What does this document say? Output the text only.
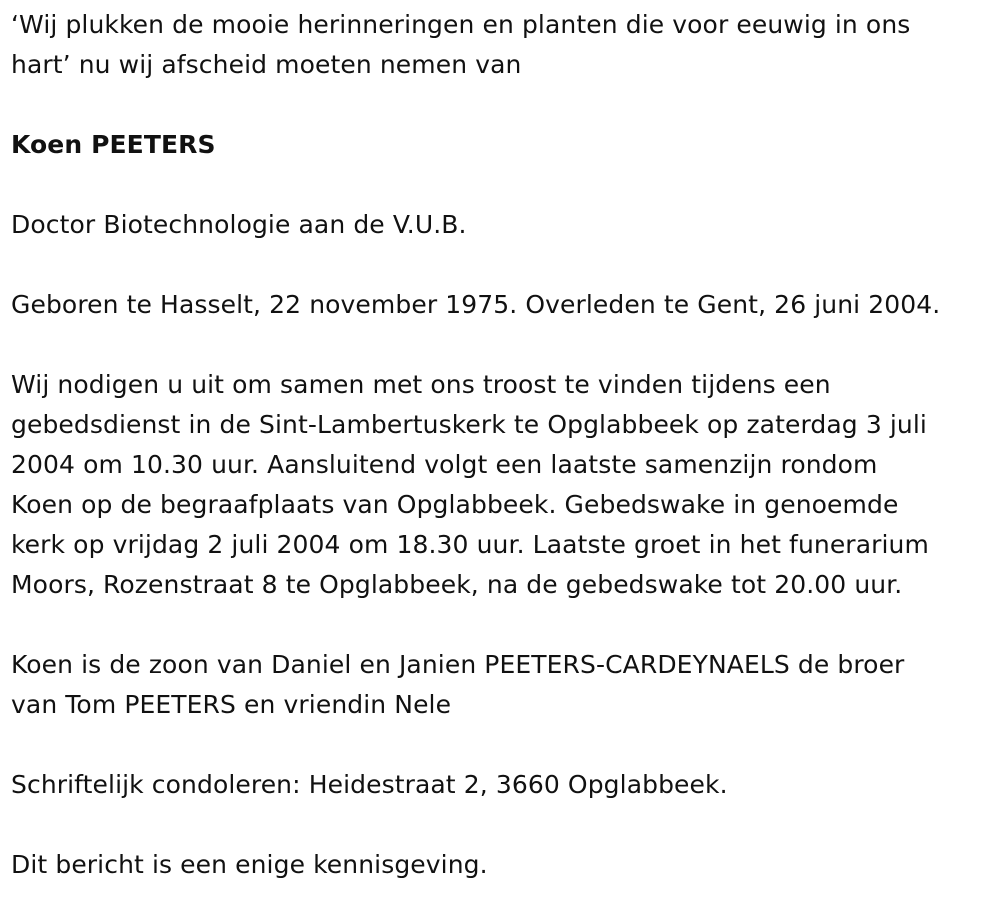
‘Wij plukken de mooie herinneringen en planten die voor eeuwig in ons
hart’ nu wij afscheid moeten nemen van

Koen PEETERS

Doctor Biotechnologie aan de V.U.B.

Geboren te Hasselt, 22 november 1975. Overleden te Gent, 26 juni 2004.

Wij nodigen u uit om samen met ons troost te vinden tijdens een
gebedsdienst in de Sint-Lambertuskerk te Opglabbeek op zaterdag 3 juli
2004 om 10.30 uur. Aansluitend volgt een laatste samenzijn rondom
Koen op de begraafplaats van Opglabbeek. Gebedswake in genoemde
kerk op vrijdag 2 juli 2004 om 18.30 uur. Laatste groet in het funerarium
Moors, Rozenstraat 8 te Opglabbeek, na de gebedswake tot 20.00 uur.

Koen is de zoon van Daniel en Janien PEETERS-CARDEYNAELS de broer
van Tom PEETERS en vriendin Nele

Schriftelijk condoleren: Heidestraat 2, 3660 Opglabbeek.

Dit bericht is een enige kennisgeving.
